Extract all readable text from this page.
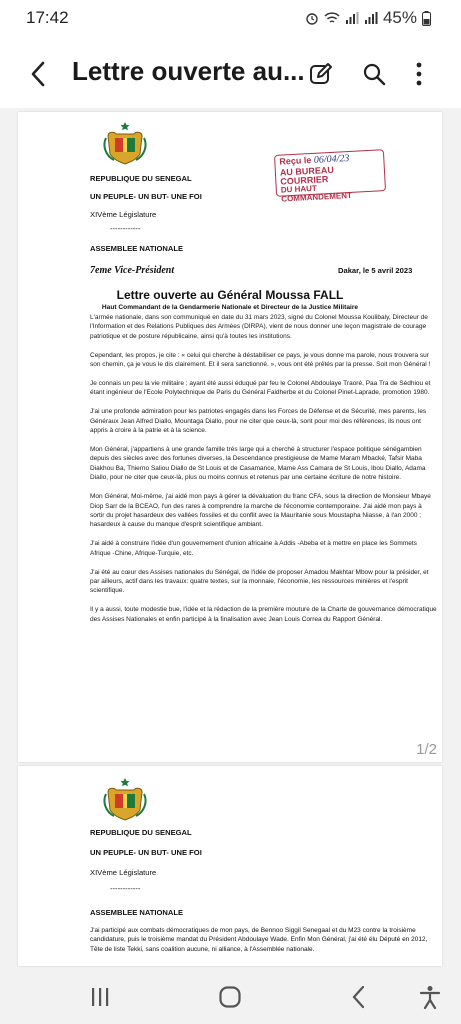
17:42	45%
Lettre ouverte au...
REPUBLIQUE DU SENEGAL
UN PEUPLE- UN BUT- UNE FOI
XIVème Législature
------------
ASSEMBLEE NATIONALE
Reçu le 06/04/23
AU BUREAU COURRIER
DU HAUT COMMANDEMENT
7eme Vice-Président	Dakar, le 5 avril 2023
Lettre ouverte au Général Moussa FALL
Haut Commandant de la Gendarmerie Nationale et Directeur de la Justice Militaire

L'armée nationale, dans son communiqué en date du 31 mars 2023, signé du Colonel Moussa Koulibaly, Directeur de l'Information et des Relations Publiques des Armées (DIRPA), vient de nous donner une leçon magistrale de courage patriotique et de posture républicaine, ainsi qu'à toutes les institutions.

Cependant, les propos, je cite : « celui qui cherche à déstabiliser ce pays, je vous donne ma parole, nous trouvera sur son chemin, ça je vous le dis clairement. Et il sera sanctionné. », vous ont été prêtés par la presse. Soit mon Général !

Je connais un peu la vie militaire ; ayant été aussi éduqué par feu le Colonel Abdoulaye Traoré, Paa Tra de Sédhiou et étant ingénieur de l'Ecole Polytechnique de Paris du Général Faidherbe et du Colonel Pinet-Laprade, promotion 1980.

J'ai une profonde admiration pour les patriotes engagés dans les Forces de Défense et de Sécurité, mes parents, les Généraux Jean Alfred Diallo, Mountaga Diallo, pour ne citer que ceux-là, sont pour moi des références, ils nous ont appris à croire à la patrie et à la science.

Mon Général, j'appartiens à une grande famille très large qui a cherché à structurer l'espace politique sénégambien depuis des siècles avec des fortunes diverses, la Descendance prestigieuse de Mame Maram Mbacké, Tafsir Maba Diakhou Ba, Thierno Saliou Diallo de St Louis et de Casamance, Mame Ass Camara de St Louis, Ibou Diallo, Adama Diallo, pour ne citer que ceux-là, plus ou moins connus et retenus par une certaine écriture de notre histoire.

Mon Général, Moi-même, j'ai aidé mon pays à gérer la dévaluation du franc CFA, sous la direction de Monsieur Mbaye Diop Sarr de la BCEAO, l'un des rares à comprendre la marche de l'économie contemporaine. J'ai aidé mon pays à sortir du projet hasardeux des vallées fossiles et du conflit avec la Mauritanie sous Moustapha Niasse, à l'an 2000 ; hasardeux à cause du manque d'esprit scientifique ambiant.

J'ai aidé à construire l'idée d'un gouvernement d'union africaine à Addis -Abeba et à mettre en place les Sommets Afrique -Chine, Afrique-Turquie, etc.

J'ai été au cœur des Assises nationales du Sénégal, de l'idée de proposer Amadou Makhtar Mbow pour la présider, et par ailleurs, actif dans les travaux: quatre textes, sur la monnaie, l'économie, les ressources minières et l'esprit scientifique.

Il y a aussi, toute modestie bue, l'idée et la rédaction de la première mouture de la Charte de gouvernance démocratique des Assises Nationales et enfin participé à la finalisation avec Jean Louis Correa du Rapport Général.

1/2
REPUBLIQUE DU SENEGAL
UN PEUPLE- UN BUT- UNE FOI
XIVème Législature
------------
ASSEMBLEE NATIONALE

J'ai participé aux combats démocratiques de mon pays, de Bennoo Siggil Senegaal et du M23 contre la troisième candidature, puis le troisième mandat du Président Abdoulaye Wade. Enfin Mon Général, j'ai été élu Député en 2012, Tête de liste Tekki, sans coalition aucune, ni alliance, à l'Assemblée nationale.
